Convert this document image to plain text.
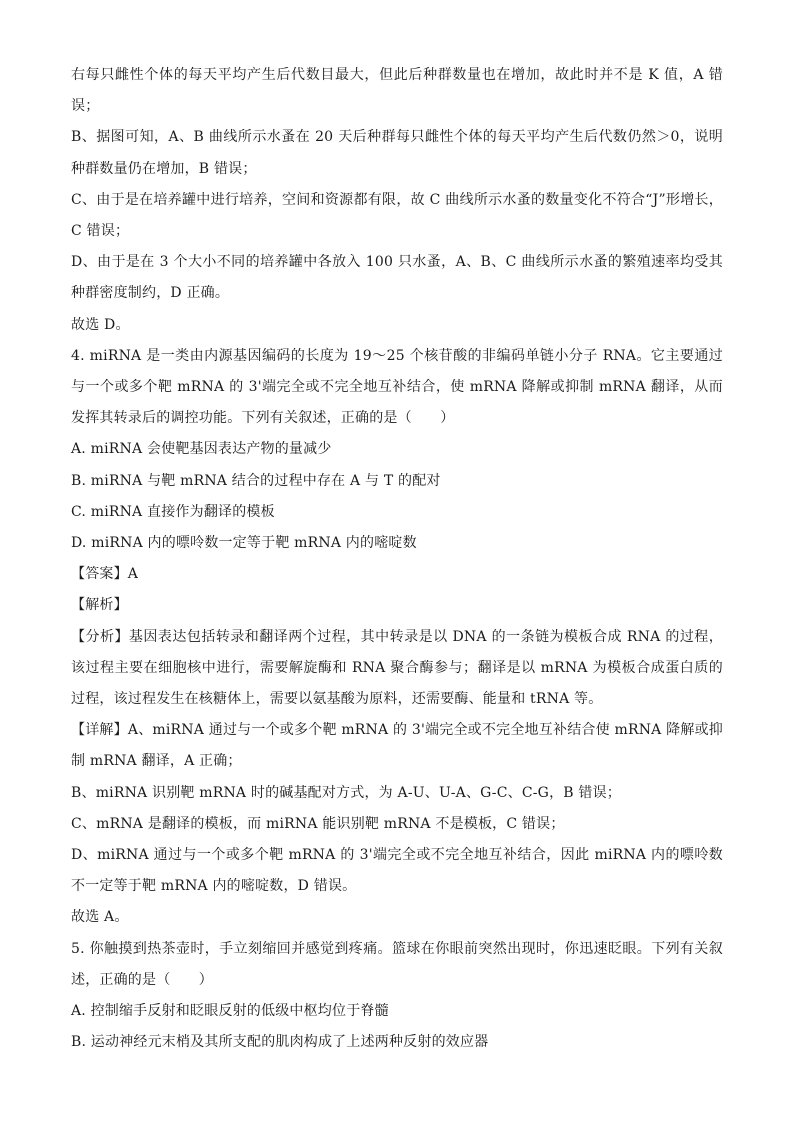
右每只雌性个体的每天平均产生后代数目最大，但此后种群数量也在增加，故此时并不是 K 值，A 错误；

B、据图可知，A、B 曲线所示水蚤在 20 天后种群每只雌性个体的每天平均产生后代数仍然＞0，说明种群数量仍在增加，B 错误；

C、由于是在培养罐中进行培养，空间和资源都有限，故 C 曲线所示水蚤的数量变化不符合“J”形增长，C 错误；

D、由于是在 3 个大小不同的培养罐中各放入 100 只水蚤，A、B、C 曲线所示水蚤的繁殖速率均受其种群密度制约，D 正确。

故选 D。

4. miRNA 是一类由内源基因编码的长度为 19～25 个核苷酸的非编码单链小分子 RNA。它主要通过与一个或多个靶 mRNA 的 3'端完全或不完全地互补结合，使 mRNA 降解或抑制 mRNA 翻译，从而发挥其转录后的调控功能。下列有关叙述，正确的是（　　）

A. miRNA 会使靶基因表达产物的量减少

B. miRNA 与靶 mRNA 结合的过程中存在 A 与 T 的配对

C. miRNA 直接作为翻译的模板

D. miRNA 内的嘌呤数一定等于靶 mRNA 内的嘧啶数

【答案】A

【解析】

【分析】基因表达包括转录和翻译两个过程，其中转录是以 DNA 的一条链为模板合成 RNA 的过程，该过程主要在细胞核中进行，需要解旋酶和 RNA 聚合酶参与；翻译是以 mRNA 为模板合成蛋白质的过程，该过程发生在核糖体上，需要以氨基酸为原料，还需要酶、能量和 tRNA 等。

【详解】A、miRNA 通过与一个或多个靶 mRNA 的 3'端完全或不完全地互补结合使 mRNA 降解或抑制 mRNA 翻译，A 正确；

B、miRNA 识别靶 mRNA 时的碱基配对方式，为 A-U、U-A、G-C、C-G，B 错误；

C、mRNA 是翻译的模板，而 miRNA 能识别靶 mRNA 不是模板，C 错误；

D、miRNA 通过与一个或多个靶 mRNA 的 3'端完全或不完全地互补结合，因此 miRNA 内的嘌呤数不一定等于靶 mRNA 内的嘧啶数，D 错误。

故选 A。

5. 你触摸到热茶壶时，手立刻缩回并感觉到疼痛。篮球在你眼前突然出现时，你迅速眨眼。下列有关叙述，正确的是（　　）

A. 控制缩手反射和眨眼反射的低级中枢均位于脊髓

B. 运动神经元末梢及其所支配的肌肉构成了上述两种反射的效应器
